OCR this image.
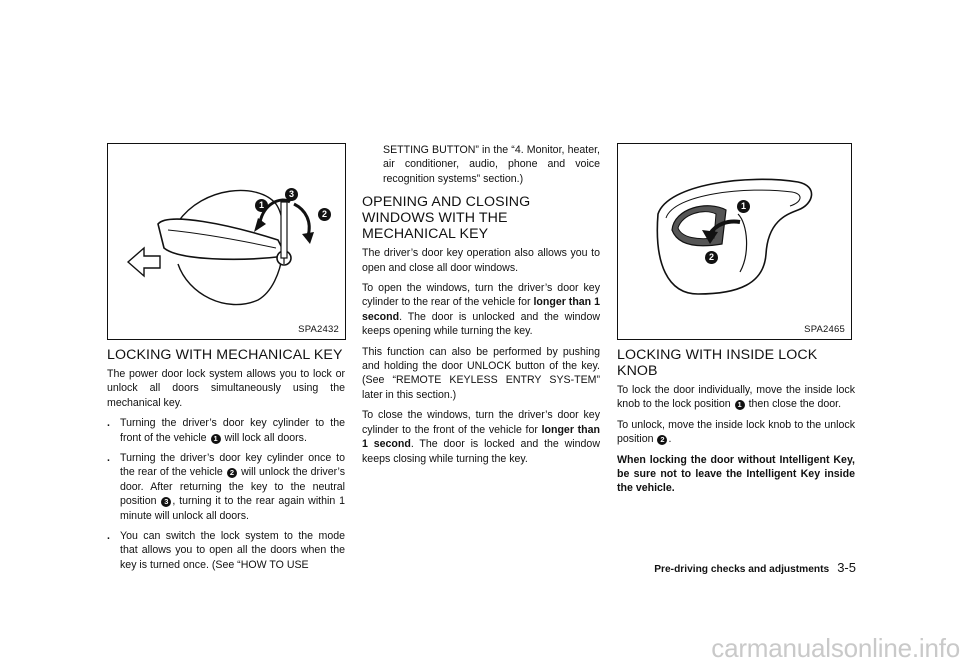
1
3
2
SPA2432
LOCKING WITH MECHANICAL KEY

The power door lock system allows you to lock or unlock all doors simultaneously using the mechanical key.

. Turning the driver’s door key cylinder to the front of the vehicle 1 will lock all doors.
. Turning the driver’s door key cylinder once to the rear of the vehicle 2 will unlock the driver’s door. After returning the key to the neutral position 3 , turning it to the rear again within 1 minute will unlock all doors.
. You can switch the lock system to the mode that allows you to open all the doors when the key is turned once. (See “HOW TO USE

SETTING BUTTON” in the “4. Monitor, heater, air conditioner, audio, phone and voice recognition systems” section.)

OPENING AND CLOSING WINDOWS WITH THE MECHANICAL KEY

The driver’s door key operation also allows you to open and close all door windows.

To open the windows, turn the driver’s door key cylinder to the rear of the vehicle for longer than 1 second. The door is unlocked and the window keeps opening while turning the key.

This function can also be performed by pushing and holding the door UNLOCK button of the key. (See “REMOTE KEYLESS ENTRY SYS-TEM” later in this section.)

To close the windows, turn the driver’s door key cylinder to the front of the vehicle for longer than 1 second. The door is locked and the window keeps closing while turning the key.

1
2
SPA2465
LOCKING WITH INSIDE LOCK KNOB

To lock the door individually, move the inside lock knob to the lock position 1 then close the door.

To unlock, move the inside lock knob to the unlock position 2 .

When locking the door without Intelligent Key, be sure not to leave the Intelligent Key inside the vehicle.

Pre-driving checks and adjustments 3-5
carmanualsonline.info
